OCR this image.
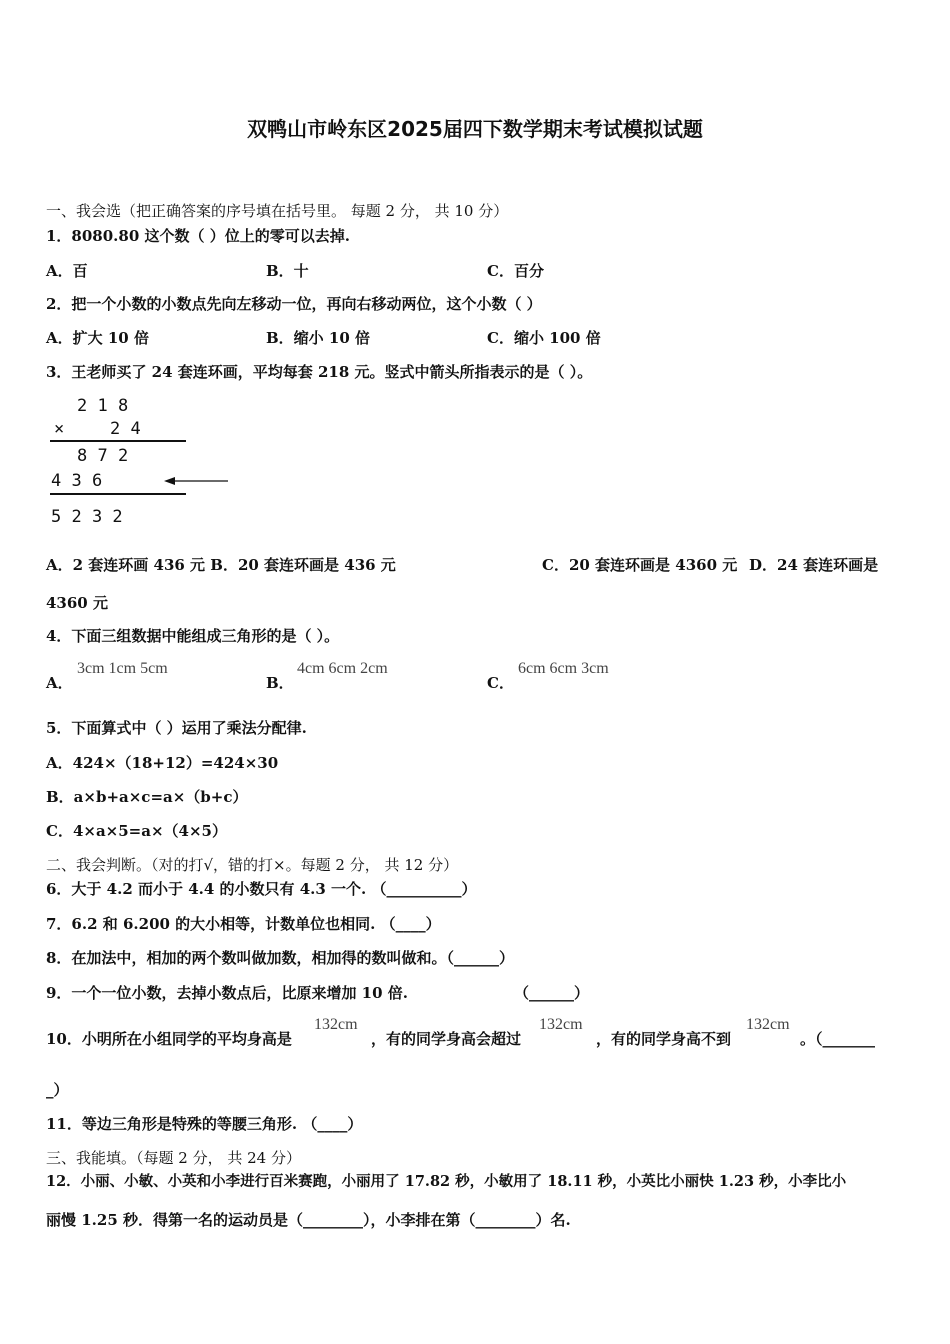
双鸭山市岭东区2025届四下数学期末考试模拟试题
一、我会选（把正确答案的序号填在括号里。 每题 2 分， 共 10 分）
1．8080.80 这个数（ ）位上的零可以去掉.
A．百	B．十	C．百分
2．把一个小数的小数点先向左移动一位，再向右移动两位，这个小数（ ）
A．扩大 10 倍	B．缩小 10 倍	C．缩小 100 倍
3．王老师买了 24 套连环画，平均每套 218 元。竖式中箭头所指表示的是（ ）。
2 1 8
×	2 4
8 7 2
4 3 6
5 2 3 2
A．2 套连环画 436 元 B．20 套连环画是 436 元	C．20 套连环画是 4360 元 D．24 套连环画是
4360 元
4．下面三组数据中能组成三角形的是（ ）。
A．
3cm 1cm 5cm
B．
4cm 6cm 2cm
C．
6cm 6cm 3cm
5．下面算式中（ ）运用了乘法分配律.
A．424×（18+12）=424×30
B．a×b+a×c=a×（b+c）
C．4×a×5=a×（4×5）
二、我会判断。（对的打√，错的打×。每题 2 分， 共 12 分）
6．大于 4.2 而小于 4.4 的小数只有 4.3 一个. （__________）
7．6.2 和 6.200 的大小相等，计数单位也相同. （____）
8．在加法中，相加的两个数叫做加数，相加得的数叫做和。（______）
9．一个一位小数，去掉小数点后，比原来增加 10 倍.	（______）
10．小明所在小组同学的平均身高是
132cm
，有的同学身高会超过
132cm
，有的同学身高不到
132cm
。（_______
_）
11．等边三角形是特殊的等腰三角形. （____）
三、我能填。（每题 2 分， 共 24 分）
12．小丽、小敏、小英和小李进行百米赛跑，小丽用了 17.82 秒，小敏用了 18.11 秒，小英比小丽快 1.23 秒，小李比小
丽慢 1.25 秒．得第一名的运动员是（________），小李排在第（________）名.
